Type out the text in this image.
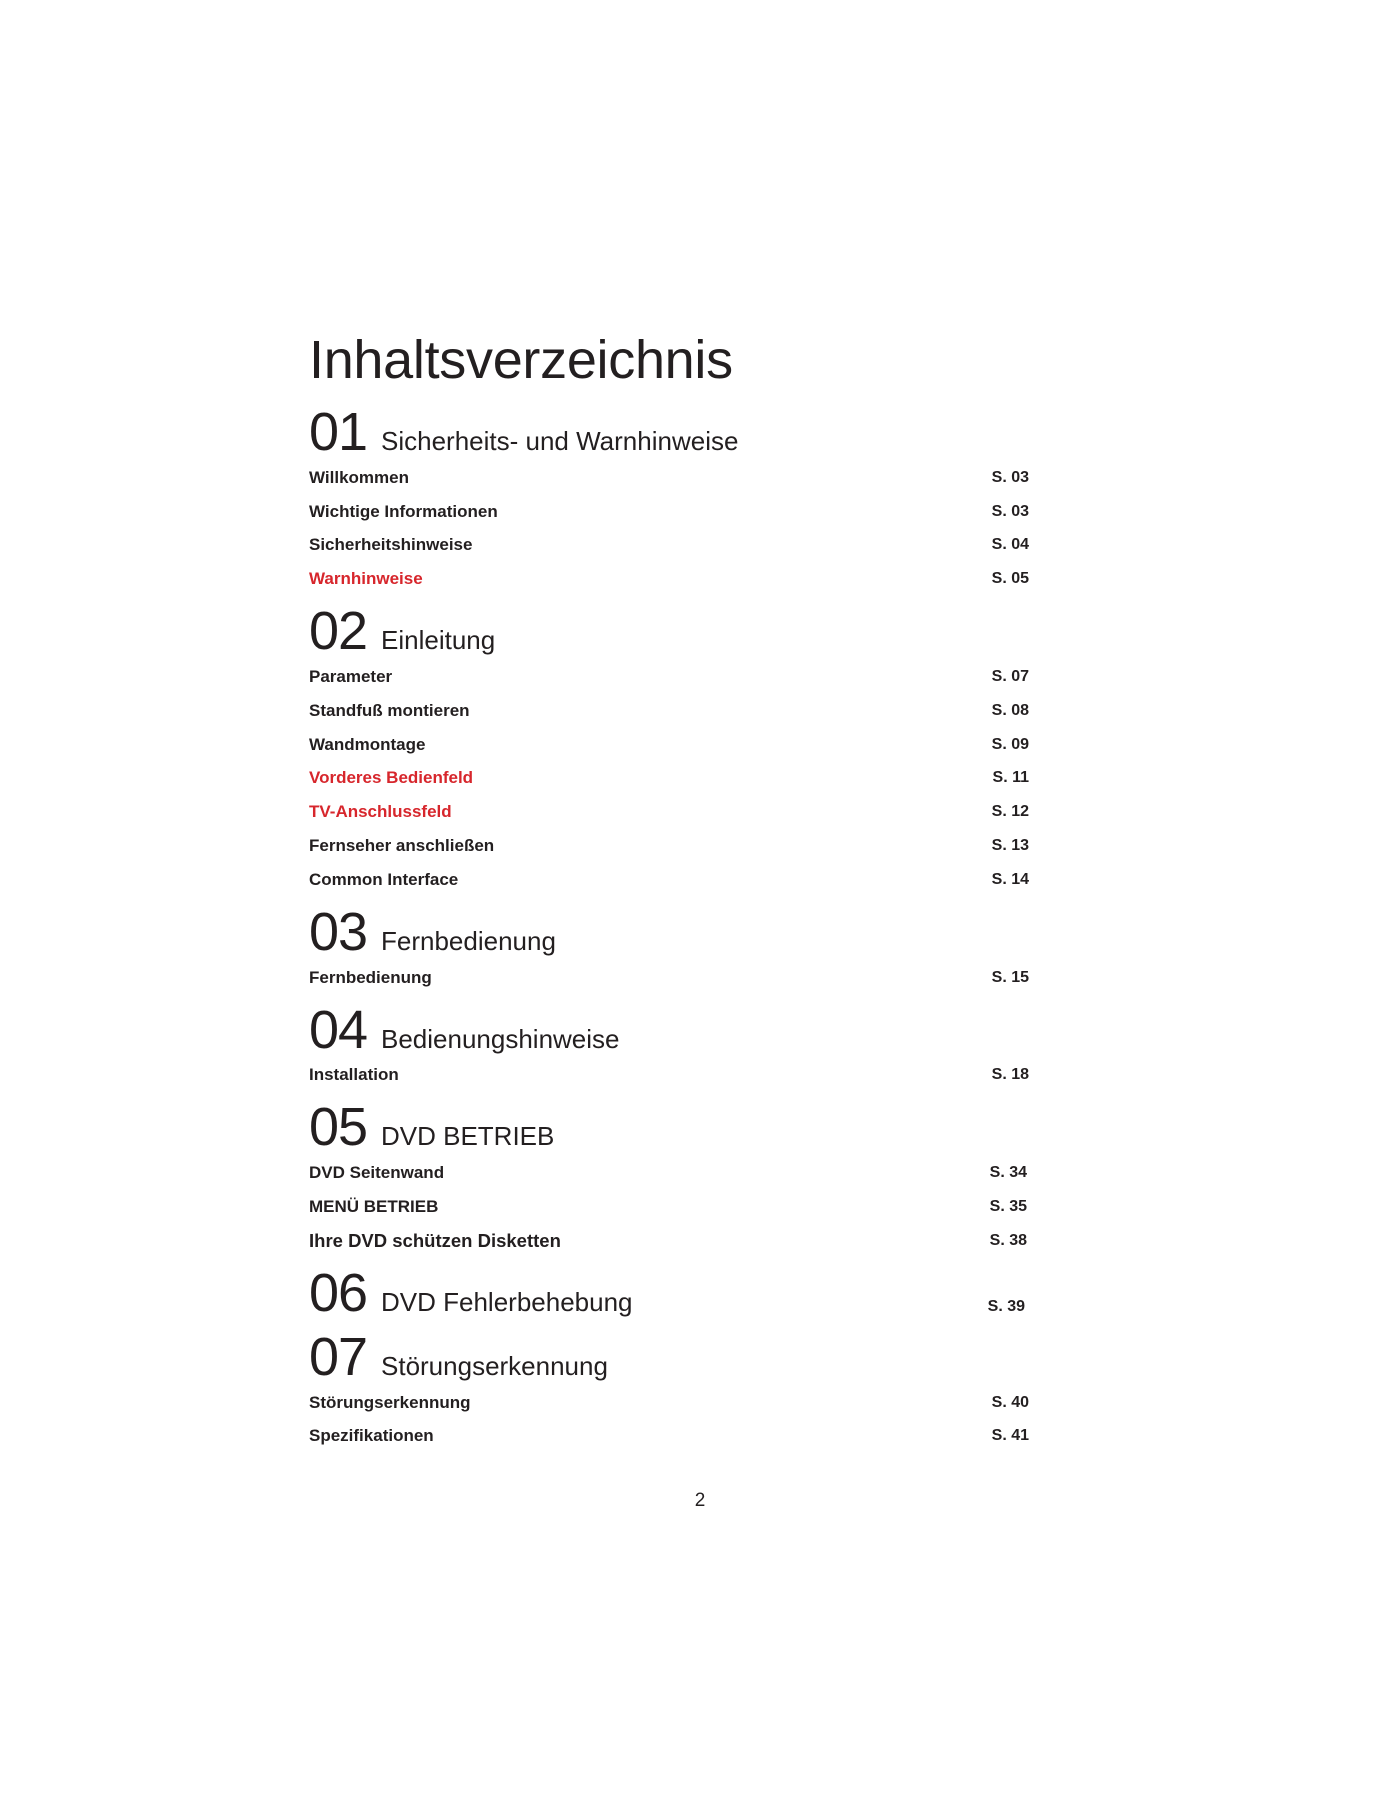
Inhaltsverzeichnis
01 Sicherheits- und Warnhinweise
Willkommen	S. 03
Wichtige Informationen	S. 03
Sicherheitshinweise	S. 04
Warnhinweise	S. 05
02 Einleitung
Parameter	S. 07
Standfuß montieren	S. 08
Wandmontage	S. 09
Vorderes Bedienfeld	S. 11
TV-Anschlussfeld	S. 12
Fernseher anschließen	S. 13
Common Interface	S. 14
03 Fernbedienung
Fernbedienung	S. 15
04 Bedienungshinweise
Installation	S. 18
05 DVD BETRIEB
DVD Seitenwand	S. 34
MENÜ BETRIEB	S. 35
Ihre DVD schützen Disketten	S. 38
06 DVD Fehlerbehebung	S. 39
07 Störungserkennung
Störungserkennung	S. 40
Spezifikationen	S. 41
2
